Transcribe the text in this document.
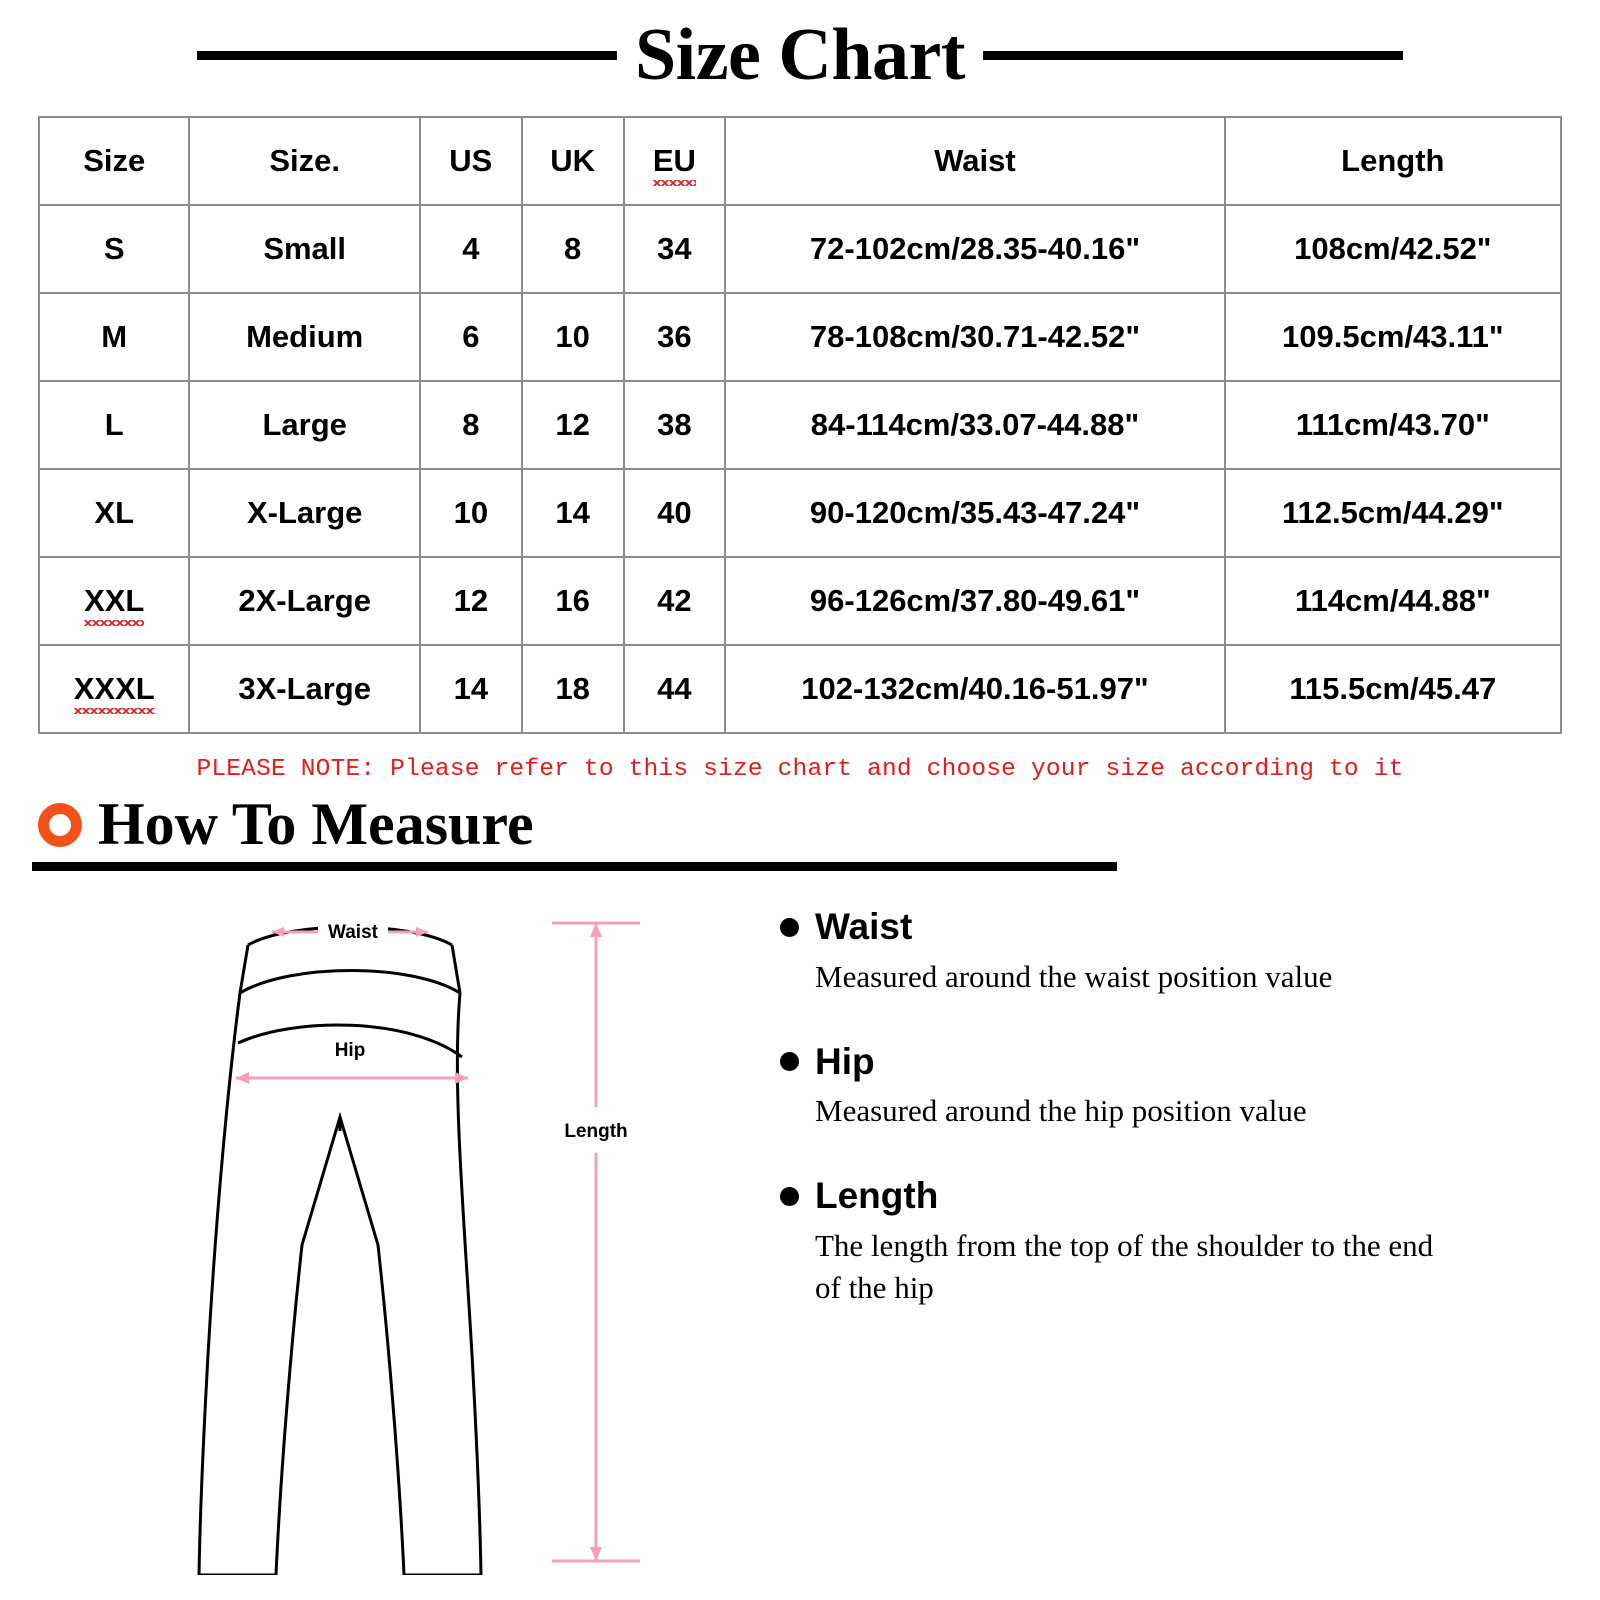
Size Chart
Size	Size.	US	UK	EU	Waist	Length
S	Small	4	8	34	72-102cm/28.35-40.16"	108cm/42.52"
M	Medium	6	10	36	78-108cm/30.71-42.52"	109.5cm/43.11"
L	Large	8	12	38	84-114cm/33.07-44.88"	111cm/43.70"
XL	X-Large	10	14	40	90-120cm/35.43-47.24"	112.5cm/44.29"
XXL	2X-Large	12	16	42	96-126cm/37.80-49.61"	114cm/44.88"
XXXL	3X-Large	14	18	44	102-132cm/40.16-51.97"	115.5cm/45.47
PLEASE NOTE: Please refer to this size chart and choose your size according to it
How To Measure
Waist
Hip
Length
Waist
Measured around the waist position value
Hip
Measured around the hip position value
Length
The length from the top of the shoulder to the end of the hip
